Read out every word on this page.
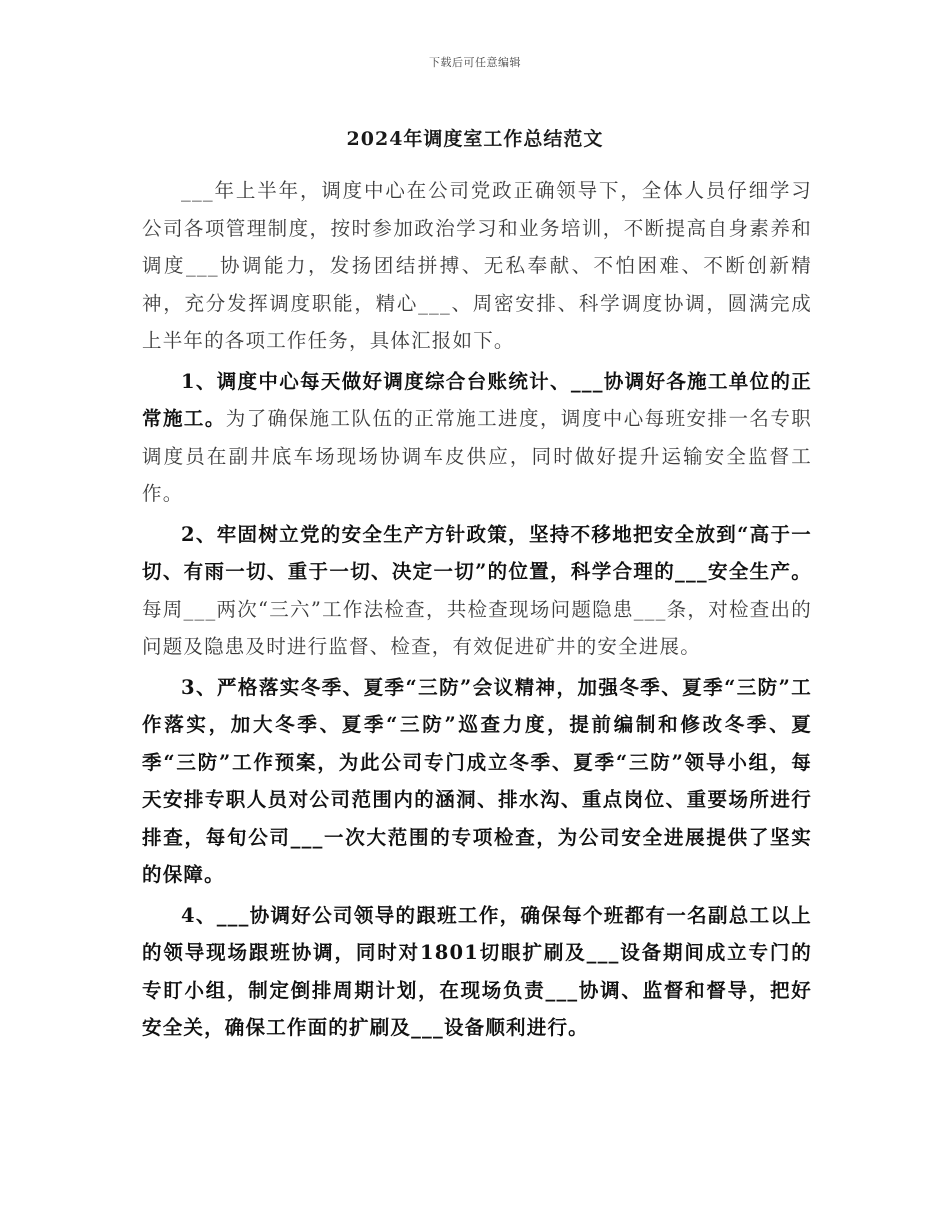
下载后可任意编辑
2024年调度室工作总结范文

___年上半年，调度中心在公司党政正确领导下，全体人员仔细学习公司各项管理制度，按时参加政治学习和业务培训，不断提高自身素养和调度___协调能力，发扬团结拼搏、无私奉献、不怕困难、不断创新精神，充分发挥调度职能，精心___、周密安排、科学调度协调，圆满完成上半年的各项工作任务，具体汇报如下。

1、调度中心每天做好调度综合台账统计、___协调好各施工单位的正常施工。为了确保施工队伍的正常施工进度，调度中心每班安排一名专职调度员在副井底车场现场协调车皮供应，同时做好提升运输安全监督工作。

2、牢固树立党的安全生产方针政策，坚持不移地把安全放到“高于一切、有雨一切、重于一切、决定一切”的位置，科学合理的___安全生产。每周___两次“三六”工作法检查，共检查现场问题隐患___条，对检查出的问题及隐患及时进行监督、检查，有效促进矿井的安全进展。

3、严格落实冬季、夏季“三防”会议精神，加强冬季、夏季“三防”工作落实，加大冬季、夏季“三防”巡查力度，提前编制和修改冬季、夏季“三防”工作预案，为此公司专门成立冬季、夏季“三防”领导小组，每天安排专职人员对公司范围内的涵洞、排水沟、重点岗位、重要场所进行排查，每旬公司___一次大范围的专项检查，为公司安全进展提供了坚实的保障。

4、___协调好公司领导的跟班工作，确保每个班都有一名副总工以上的领导现场跟班协调，同时对1801切眼扩刷及___设备期间成立专门的专盯小组，制定倒排周期计划，在现场负责___协调、监督和督导，把好安全关，确保工作面的扩刷及___设备顺利进行。
